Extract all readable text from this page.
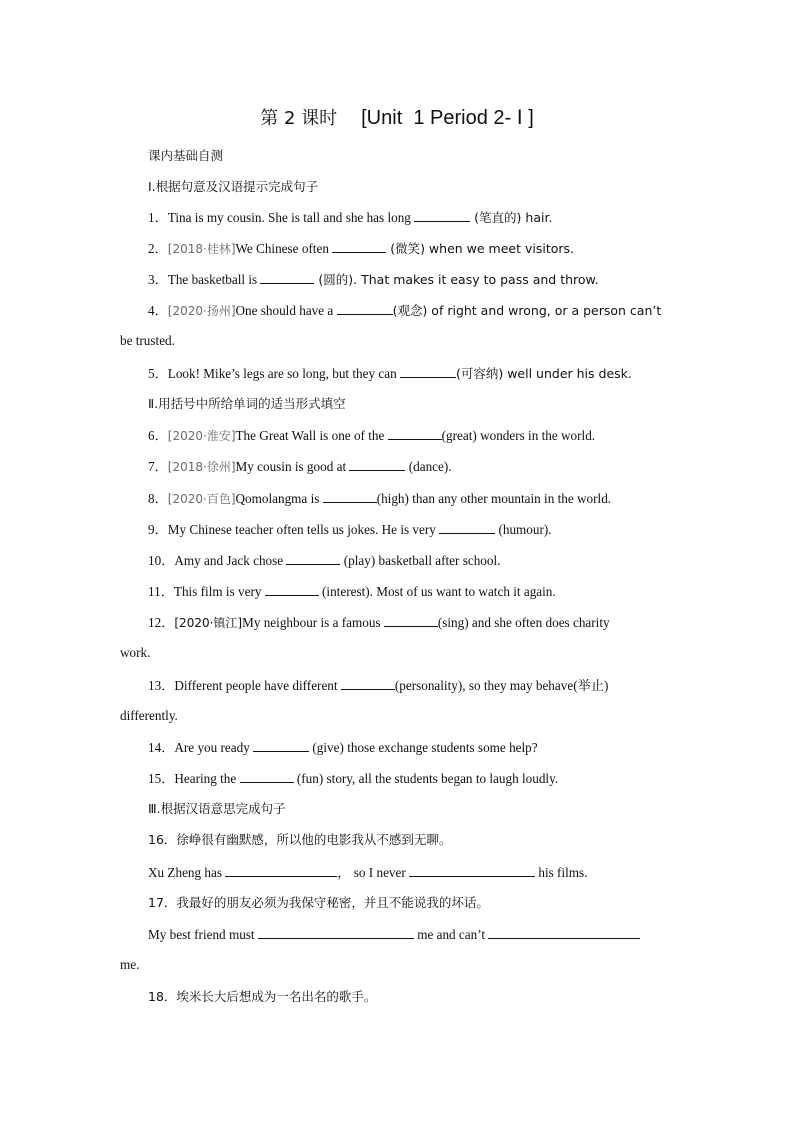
第 2 课时 [Unit  1 Period 2- Ⅰ ]
课内基础自测
Ⅰ.根据句意及汉语提示完成句子
1．Tina is my cousin. She is tall and she has long	(笔直的) hair.
2．[2018·桂林]We Chinese often	(微笑) when we meet visitors.
3．The basketball is	(圆的). That makes it easy to pass and throw.
4．[2020·扬州]One should have a	(观念) of right and wrong, or a person can’t
be trusted.
5．Look! Mike’s legs are so long, but they can	(可容纳) well under his desk.
Ⅱ.用括号中所给单词的适当形式填空
6．[2020·淮安]The Great Wall is one of the	(great) wonders in the world.
7．[2018·徐州]My cousin is good at	(dance).
8．[2020·百色]Qomolangma is	(high) than any other mountain in the world.
9．My Chinese teacher often tells us jokes. He is very	(humour).
10．Amy and Jack chose	(play) basketball after school.
11．This film is very	(interest). Most of us want to watch it again.
12．[2020·镇江]My neighbour is a famous	(sing) and she often does charity
work.
13．Different people have different	(personality), so they may behave(举止)
differently.
14．Are you ready	(give) those exchange students some help?
15．Hearing the	(fun) story, all the students began to laugh loudly.
Ⅲ.根据汉语意思完成句子
16．徐峥很有幽默感，所以他的电影我从不感到无聊。
Xu Zheng has	， so I never	his films.
17．我最好的朋友必须为我保守秘密，并且不能说我的坏话。
My best friend must	me and can’t
me.
18．埃米长大后想成为一名出名的歌手。
